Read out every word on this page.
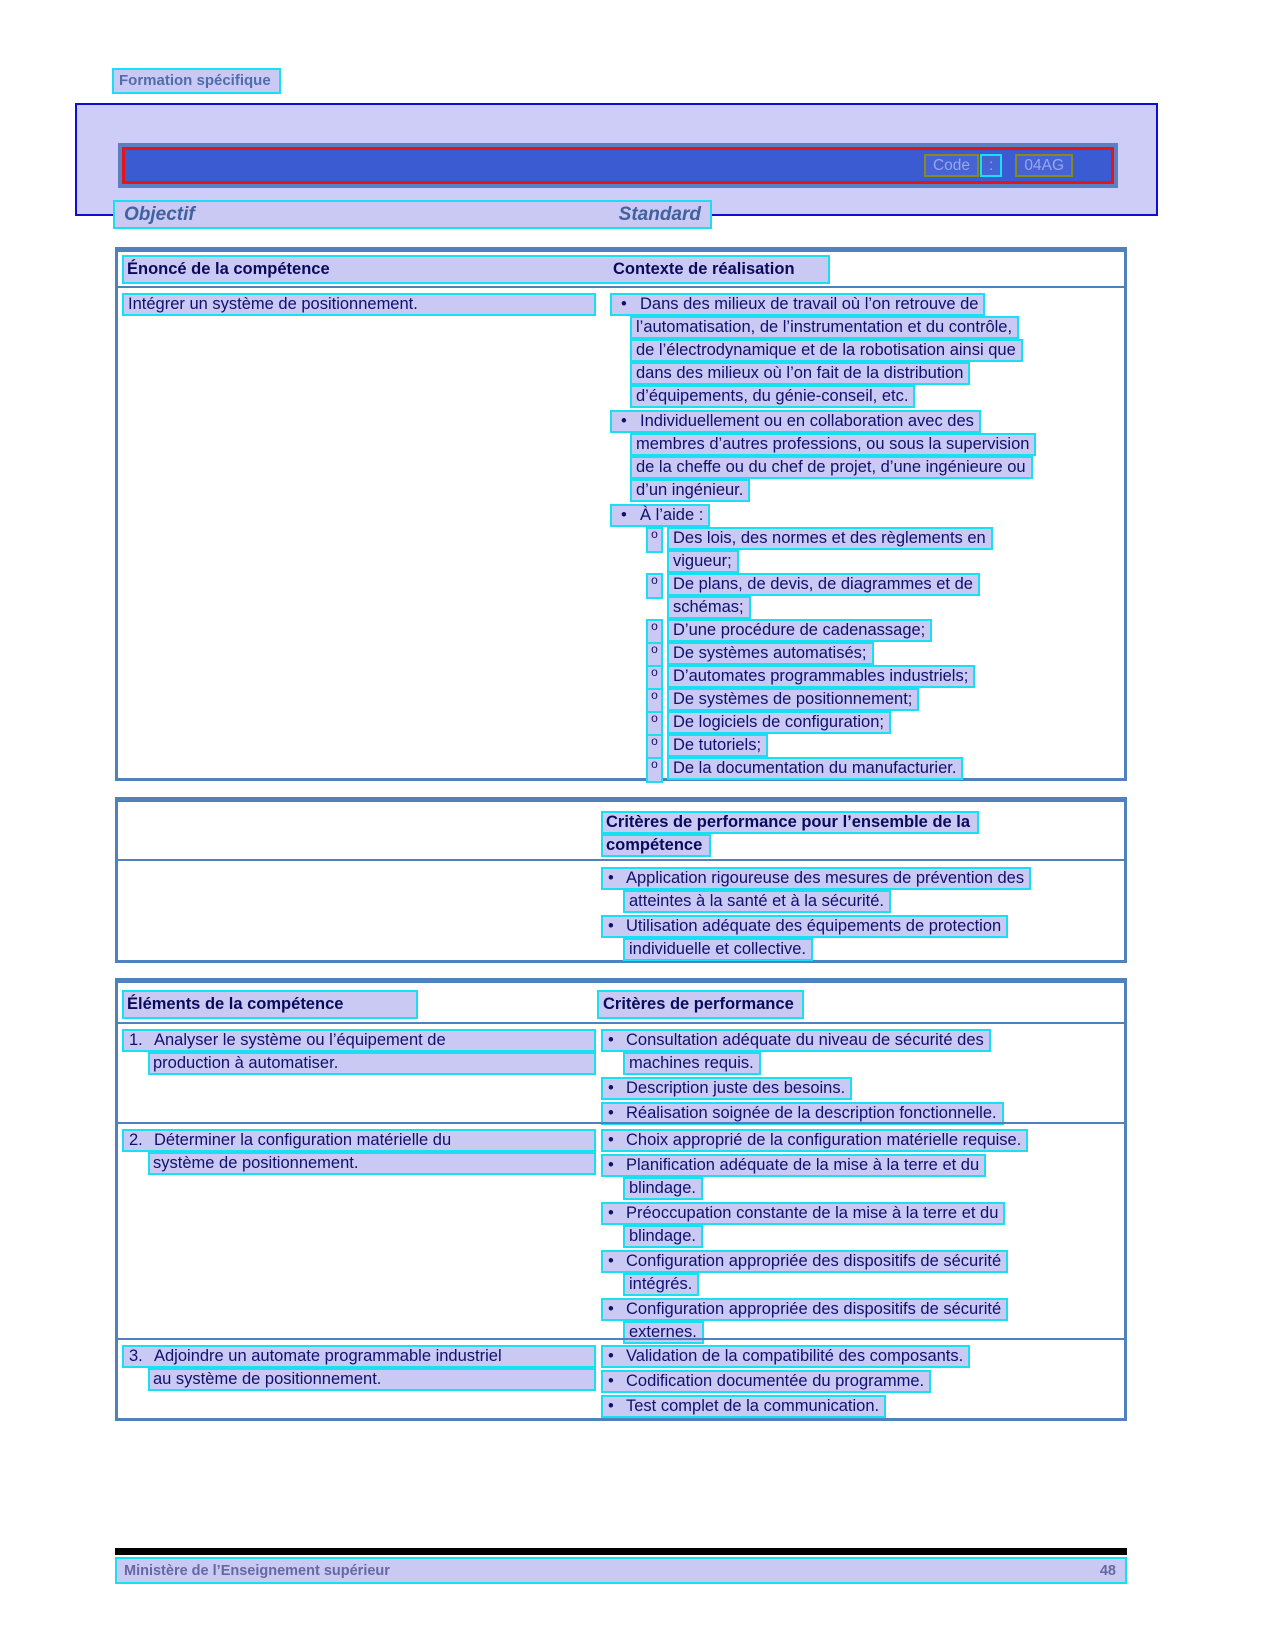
Formation spécifique
Code	:	04AG
Objectif	Standard
Énoncé de la compétence	Contexte de réalisation
Intégrer un système de positionnement.	• Dans des milieux de travail où l’on retrouve de
l’automatisation, de l’instrumentation et du contrôle,
de l’électrodynamique et de la robotisation ainsi que
dans des milieux où l’on fait de la distribution
d’équipements, du génie-conseil, etc.
• Individuellement ou en collaboration avec des
membres d’autres professions, ou sous la supervision
de la cheffe ou du chef de projet, d’une ingénieure ou
d’un ingénieur.
• À l’aide :
o Des lois, des normes et des règlements en
vigueur;
o De plans, de devis, de diagrammes et de
schémas;
o D’une procédure de cadenassage;
o De systèmes automatisés;
o D’automates programmables industriels;
o De systèmes de positionnement;
o De logiciels de configuration;
o De tutoriels;
o De la documentation du manufacturier.
Critères de performance pour l’ensemble de la
compétence
• Application rigoureuse des mesures de prévention des
atteintes à la santé et à la sécurité.
• Utilisation adéquate des équipements de protection
individuelle et collective.
Éléments de la compétence	Critères de performance
1. Analyser le système ou l’équipement de
production à automatiser.
• Consultation adéquate du niveau de sécurité des
machines requis.
• Description juste des besoins.
• Réalisation soignée de la description fonctionnelle.
2. Déterminer la configuration matérielle du
système de positionnement.
• Choix approprié de la configuration matérielle requise.
• Planification adéquate de la mise à la terre et du
blindage.
• Préoccupation constante de la mise à la terre et du
blindage.
• Configuration appropriée des dispositifs de sécurité
intégrés.
• Configuration appropriée des dispositifs de sécurité
externes.
3. Adjoindre un automate programmable industriel
au système de positionnement.
• Validation de la compatibilité des composants.
• Codification documentée du programme.
• Test complet de la communication.
Ministère de l’Enseignement supérieur	48
